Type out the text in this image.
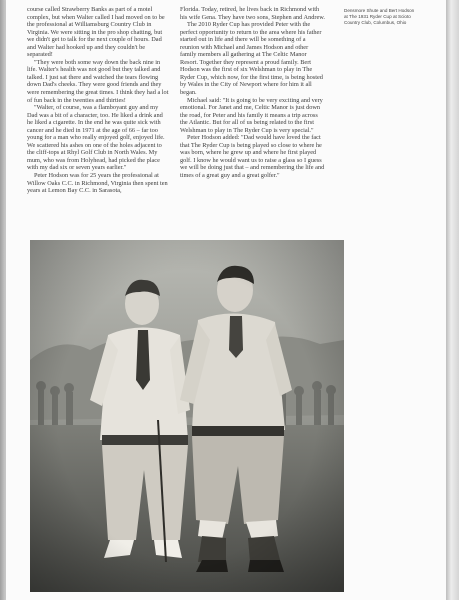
course called Strawberry Banks as part of a motel complex, but when Walter called I had moved on to be the professional at Williamsburg Country Club in Virginia. We were sitting in the pro shop chatting, but we didn't get to talk for the next couple of hours. Dad and Walter had hooked up and they couldn't be separated!

"They were both some way down the back nine in life. Walter's health was not good but they talked and talked. I just sat there and watched the tears flowing down Dad's cheeks. They were good friends and they were remembering the great times. I think they had a lot of fun back in the twenties and thirties!

"Walter, of course, was a flamboyant guy and my Dad was a bit of a character, too. He liked a drink and he liked a cigarette. In the end he was quite sick with cancer and he died in 1971 at the age of 66 – far too young for a man who really enjoyed golf, enjoyed life. We scattered his ashes on one of the holes adjacent to the cliff-tops at Rhyl Golf Club in North Wales. My mum, who was from Holyhead, had picked the place with my dad six or seven years earlier."

Peter Hodson was for 25 years the professional at Willow Oaks C.C. in Richmond, Virginia then spent ten years at Lemon Bay C.C. in Sarasota,

Florida. Today, retired, he lives back in Richmond with his wife Gena. They have two sons, Stephen and Andrew.

The 2010 Ryder Cup has provided Peter with the perfect opportunity to return to the area where his father started out in life and there will be something of a reunion with Michael and James Hodson and other family members all gathering at The Celtic Manor Resort. Together they represent a proud family. Bert Hodson was the first of six Welshman to play in The Ryder Cup, which now, for the first time, is being hosted by Wales in the City of Newport where for him it all began.

Michael said: "It is going to be very exciting and very emotional. For Janet and me, Celtic Manor is just down the road, for Peter and his family it means a trip across the Atlantic. But for all of us being related to the first Welshman to play in The Ryder Cup is very special."

Peter Hodson added: "Dad would have loved the fact that The Ryder Cup is being played so close to where he was born, where he grew up and where he first played golf. I know he would want us to raise a glass so I guess we will be doing just that – and remembering the life and times of a great guy and a great golfer."

Densmore Shute and Bert Hodson at The 1931 Ryder Cup at Scioto Country Club, Columbus, Ohio
